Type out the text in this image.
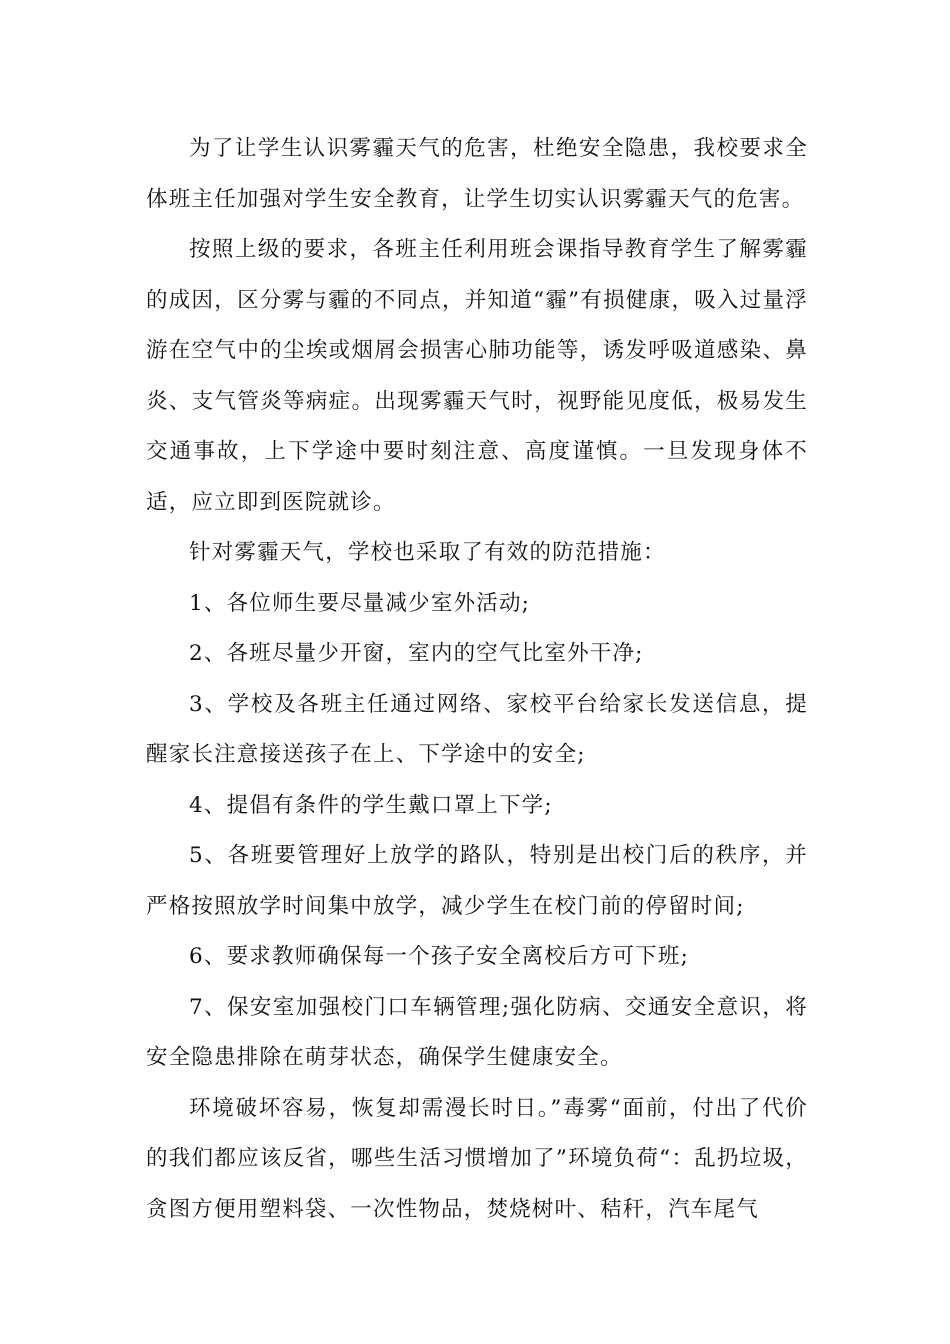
为了让学生认识雾霾天气的危害，杜绝安全隐患，我校要求全体班主任加强对学生安全教育，让学生切实认识雾霾天气的危害。

按照上级的要求，各班主任利用班会课指导教育学生了解雾霾的成因，区分雾与霾的不同点，并知道“霾”有损健康，吸入过量浮游在空气中的尘埃或烟屑会损害心肺功能等，诱发呼吸道感染、鼻炎、支气管炎等病症。出现雾霾天气时，视野能见度低，极易发生交通事故，上下学途中要时刻注意、高度谨慎。一旦发现身体不适，应立即到医院就诊。

针对雾霾天气，学校也采取了有效的防范措施：

1、各位师生要尽量减少室外活动;

2、各班尽量少开窗，室内的空气比室外干净;

3、学校及各班主任通过网络、家校平台给家长发送信息，提醒家长注意接送孩子在上、下学途中的安全;

4、提倡有条件的学生戴口罩上下学;

5、各班要管理好上放学的路队，特别是出校门后的秩序，并严格按照放学时间集中放学，减少学生在校门前的停留时间;

6、要求教师确保每一个孩子安全离校后方可下班;

7、保安室加强校门口车辆管理;强化防病、交通安全意识，将安全隐患排除在萌芽状态，确保学生健康安全。

环境破坏容易，恢复却需漫长时日。”毒雾“面前，付出了代价的我们都应该反省，哪些生活习惯增加了”环境负荷“：乱扔垃圾，贪图方便用塑料袋、一次性物品，焚烧树叶、秸秆，汽车尾气
